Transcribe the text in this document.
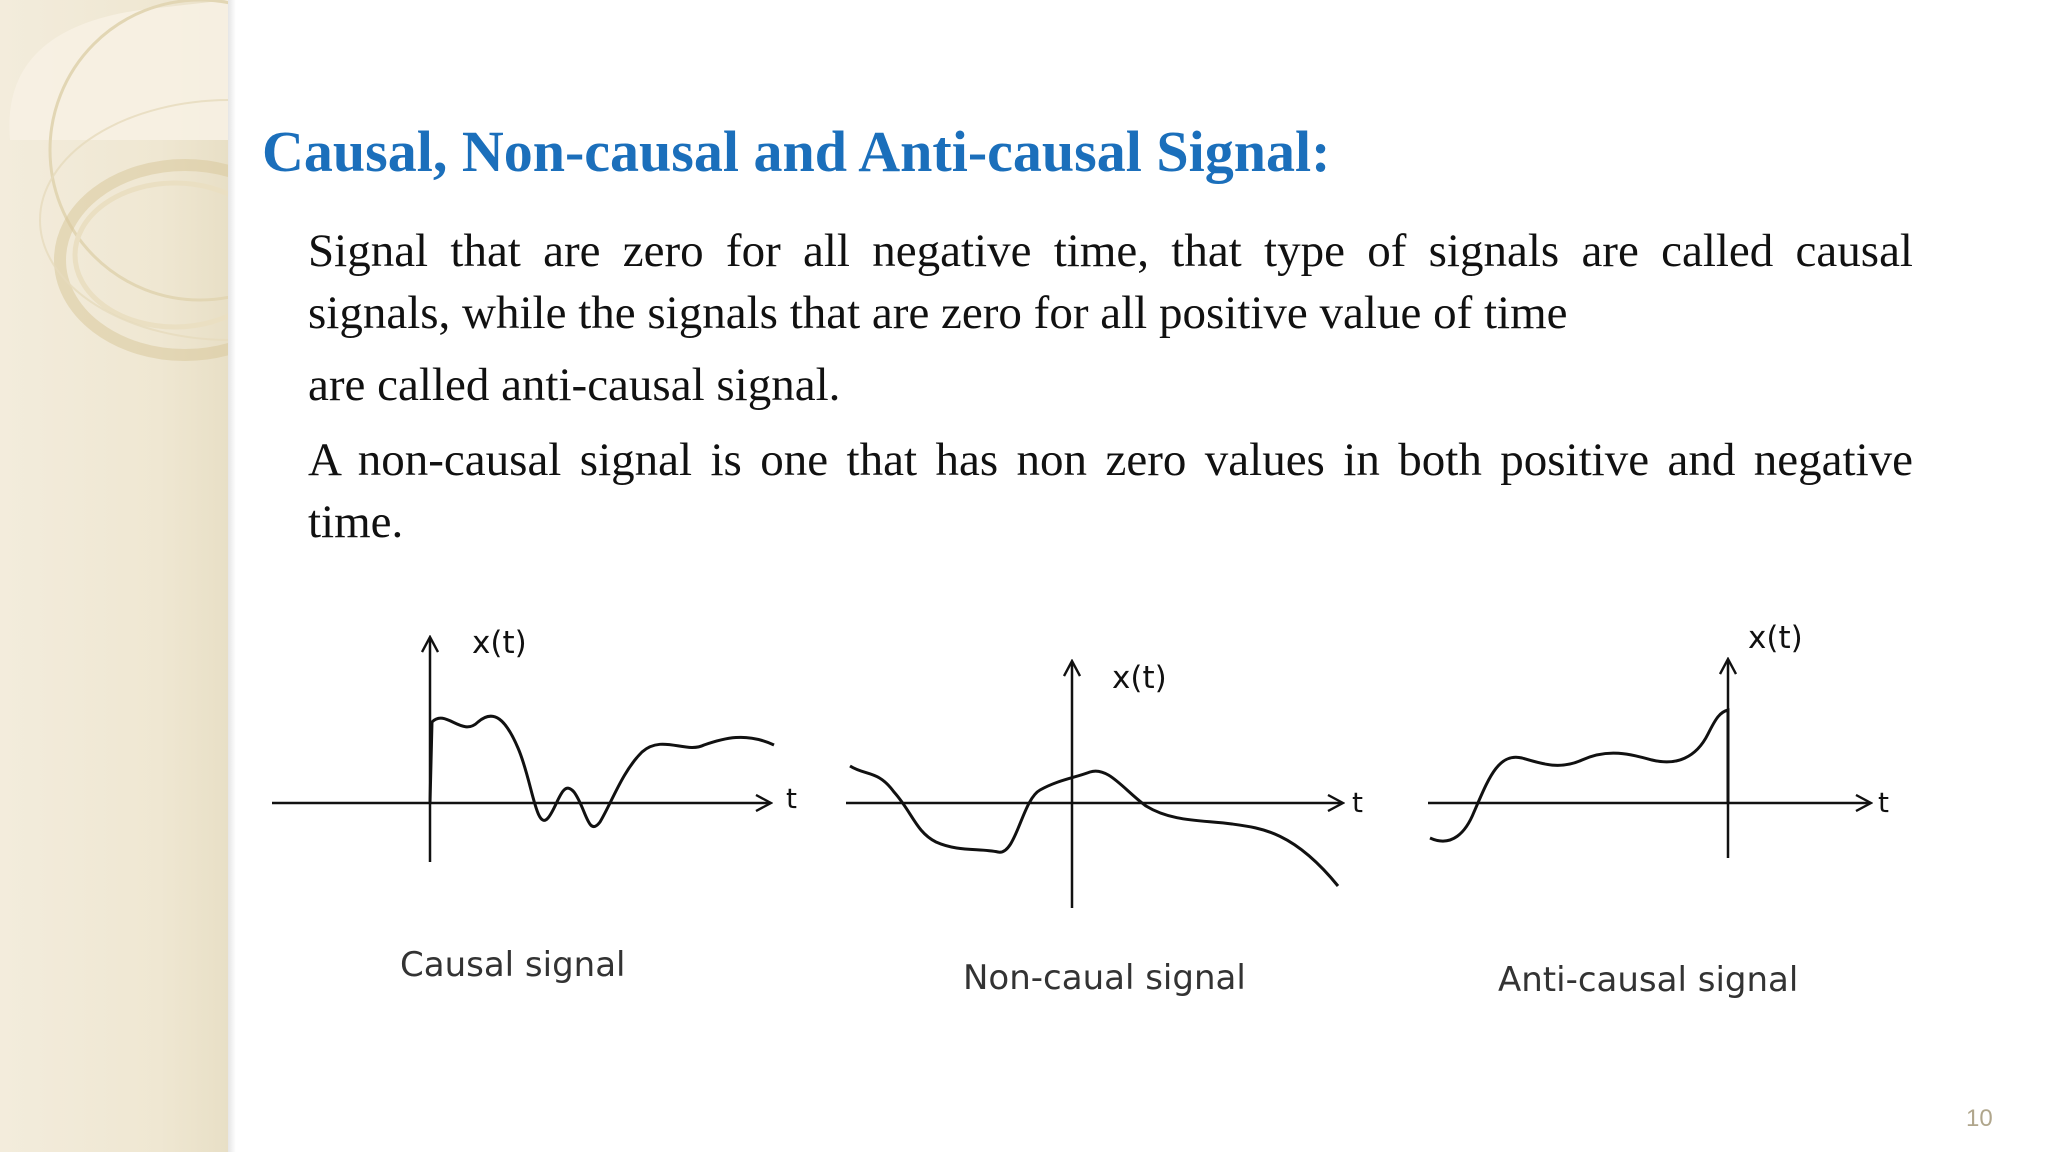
Causal, Non-causal and Anti-causal Signal:

Signal that are zero for all negative time, that type of signals are called causal signals, while the signals that are zero for all positive value of time

are called anti-causal signal.

A non-causal signal is one that has non zero values in both positive and negative time.

x(t)
t
x(t)
t
x(t)
t
Causal signal	Non-caual signal	Anti-causal signal
10
